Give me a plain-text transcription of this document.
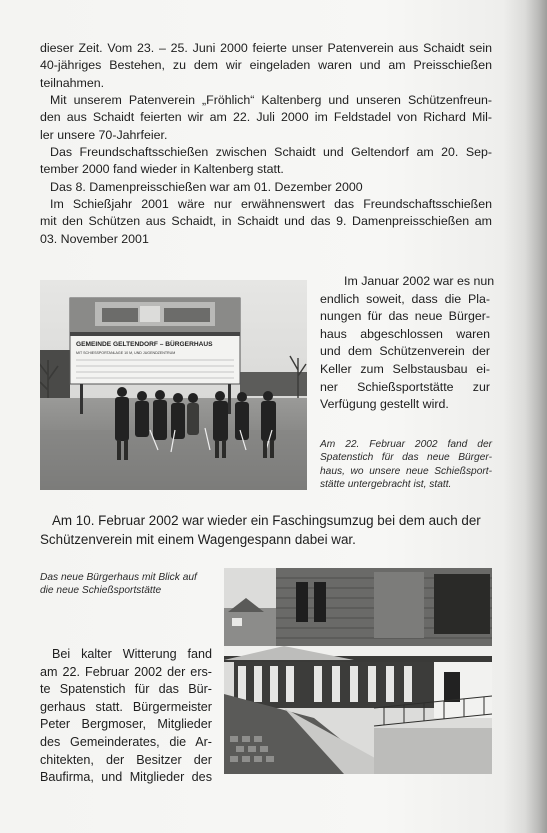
dieser Zeit. Vom 23. – 25. Juni 2000 feierte unser Patenverein aus Schaidt sein
40-jähriges Bestehen, zu dem wir eingeladen waren und am Preisschießen
teilnahmen.
Mit unserem Patenverein „Fröhlich“ Kaltenberg und unseren Schützenfreun-
den aus Schaidt feierten wir am 22. Juli 2000 im Feldstadel von Richard Mil-
ler unsere 70-Jahrfeier.
Das Freundschaftsschießen zwischen Schaidt und Geltendorf am 20. Sep-
tember 2000 fand wieder in Kaltenberg statt.
Das 8. Damenpreisschießen war am 01. Dezember 2000
Im Schießjahr 2001 wäre nur erwähnenswert das Freundschaftsschießen
mit den Schützen aus Schaidt, in Schaidt und das 9. Damenpreisschießen am
03. November 2001
GEMEINDE GELTENDORF – BÜRGERHAUS
MIT SCHIESSPORTANLAGE 10 M, UND JUGENDZENTRUM
Im Januar 2002 war es nun
endlich soweit, dass die Pla-
nungen für das neue Bürger-
haus abgeschlossen waren
und dem Schützenverein der
Keller zum Selbstausbau ei-
ner Schießsportstätte zur
Verfügung gestellt wird.
Am 22. Februar 2002 fand der
Spatenstich für das neue Bürger-
haus, wo unsere neue Schießsport-
stätte untergebracht ist, statt.
Am 10. Februar 2002 war wieder ein Faschingsumzug bei dem auch der
Schützenverein mit einem Wagengespann dabei war.
Das neue Bürgerhaus mit Blick auf
die neue Schießsportstätte
Bei kalter Witterung fand
am 22. Februar 2002 der ers-
te Spatenstich für das Bür-
gerhaus statt. Bürgermeister
Peter Bergmoser, Mitglieder
des Gemeinderates, die Ar-
chitekten, der Besitzer der
Baufirma, und Mitglieder des
